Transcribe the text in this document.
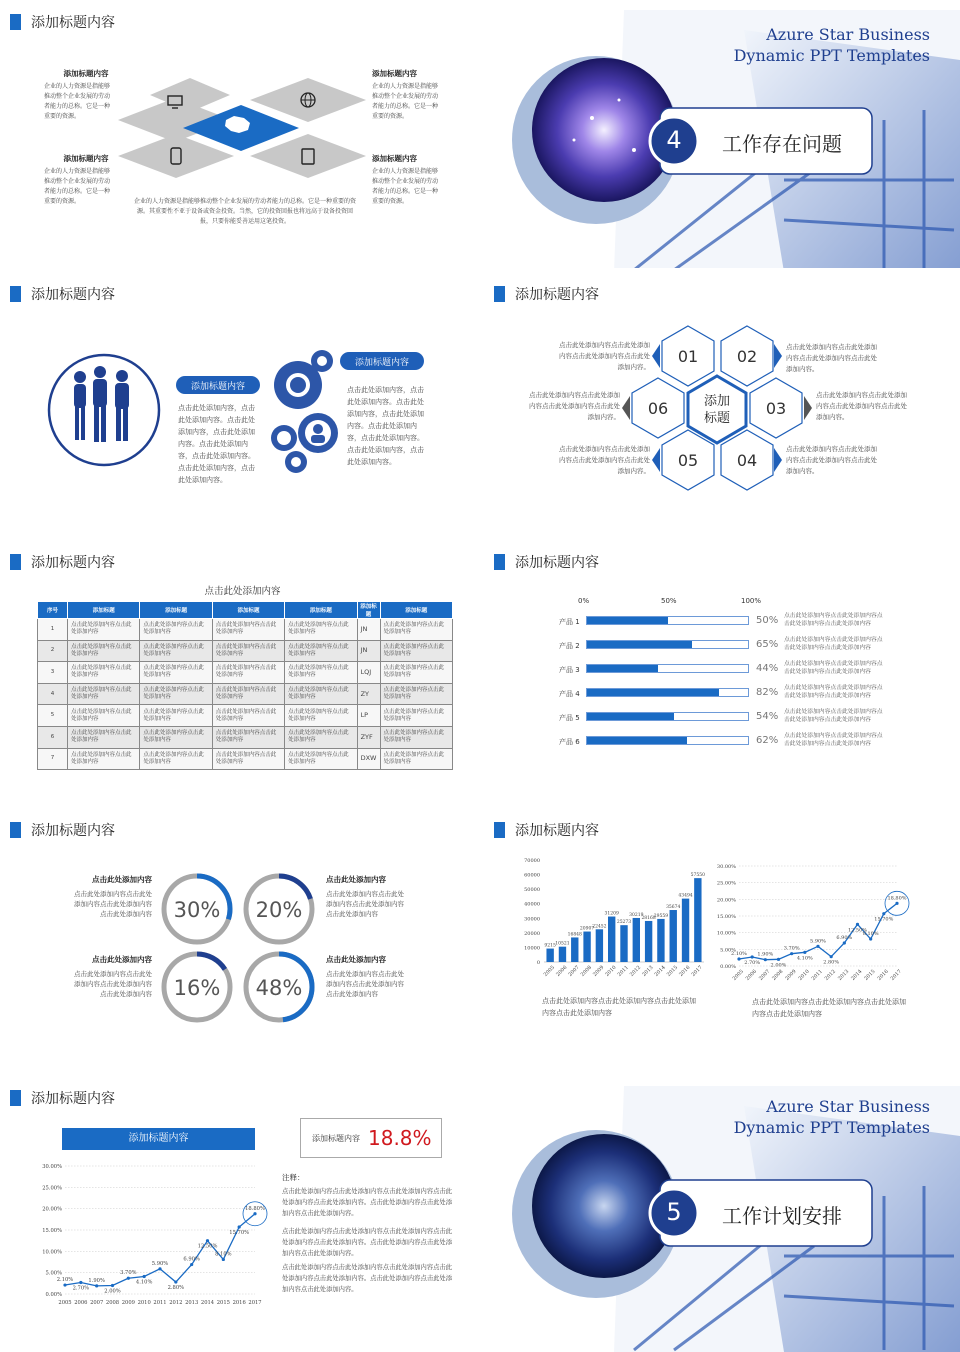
添加标题内容
添加标题内容
企业的人力资源是指能够推动整个企业发展的劳动者能力的总称。它是一种重要的资源。
添加标题内容
企业的人力资源是指能够推动整个企业发展的劳动者能力的总称。它是一种重要的资源。
添加标题内容
企业的人力资源是指能够推动整个企业发展的劳动者能力的总称。它是一种重要的资源。
添加标题内容
企业的人力资源是指能够推动整个企业发展的劳动者能力的总称。它是一种重要的资源。
企业的人力资源是指能够推动整个企业发展的劳动者能力的总称。它是一种重要的资源。其重要性不亚于设备或资金投资。当然，它的投资回报也将远高于设备投资回报，只要你能妥善运用这笔投资。
Azure Star Business
Dynamic PPT Templates
4	工作存在问题
添加标题内容
添加标题内容
添加标题内容
点击此处添加内容，点击此处添加内容。点击此处添加内容，点击此处添加内容。点击此处添加内容，点击此处添加内容。点击此处添加内容，点击此处添加内容。
点击此处添加内容，点击此处添加内容。点击此处添加内容，点击此处添加内容。点击此处添加内容，点击此处添加内容。点击此处添加内容，点击此处添加内容。
添加标题内容
01 02
03
04
05
06	添加
标题
点击此处添加内容点击此处添加内容点击此处添加内容点击此处添加内容。
点击此处添加内容点击此处添加内容点击此处添加内容点击此处添加内容。
点击此处添加内容点击此处添加内容点击此处添加内容点击此处添加内容。
点击此处添加内容点击此处添加内容点击此处添加内容点击此处添加内容。
点击此处添加内容点击此处添加内容点击此处添加内容点击此处添加内容。
点击此处添加内容点击此处添加内容点击此处添加内容点击此处添加内容。
添加标题内容
点击此处添加内容
序号	添加标题	添加标题	添加标题	添加标题	添加标题	添加标题
1	点击此处添加内容点击此处添加内容	点击此处添加内容点击此处添加内容	点击此处添加内容点击此处添加内容	点击此处添加内容点击此处添加内容	JN	点击此处添加内容点击此处添加内容
2	点击此处添加内容点击此处添加内容	点击此处添加内容点击此处添加内容	点击此处添加内容点击此处添加内容	点击此处添加内容点击此处添加内容	JN	点击此处添加内容点击此处添加内容
3	点击此处添加内容点击此处添加内容	点击此处添加内容点击此处添加内容	点击此处添加内容点击此处添加内容	点击此处添加内容点击此处添加内容	LQJ	点击此处添加内容点击此处添加内容
4	点击此处添加内容点击此处添加内容	点击此处添加内容点击此处添加内容	点击此处添加内容点击此处添加内容	点击此处添加内容点击此处添加内容	ZY	点击此处添加内容点击此处添加内容
5	点击此处添加内容点击此处添加内容	点击此处添加内容点击此处添加内容	点击此处添加内容点击此处添加内容	点击此处添加内容点击此处添加内容	LP	点击此处添加内容点击此处添加内容
6	点击此处添加内容点击此处添加内容	点击此处添加内容点击此处添加内容	点击此处添加内容点击此处添加内容	点击此处添加内容点击此处添加内容	ZYF	点击此处添加内容点击此处添加内容
7	点击此处添加内容点击此处添加内容	点击此处添加内容点击此处添加内容	点击此处添加内容点击此处添加内容	点击此处添加内容点击此处添加内容	DXW	点击此处添加内容点击此处添加内容
添加标题内容
0%	50%	100%
产品 1	50% 点击此处添加内容点击此处添加内容点击此处添加内容点击此处添加内容
产品 2	65% 点击此处添加内容点击此处添加内容点击此处添加内容点击此处添加内容
产品 3	44% 点击此处添加内容点击此处添加内容点击此处添加内容点击此处添加内容
产品 4	82% 点击此处添加内容点击此处添加内容点击此处添加内容点击此处添加内容
产品 5	54% 点击此处添加内容点击此处添加内容点击此处添加内容点击此处添加内容
产品 6	62% 点击此处添加内容点击此处添加内容点击此处添加内容点击此处添加内容
添加标题内容
30% 20%
16% 48%
点击此处添加内容
点击此处添加内容点击此处添加内容点击此处添加内容点击此处添加内容
点击此处添加内容
点击此处添加内容点击此处添加内容点击此处添加内容点击此处添加内容
点击此处添加内容
点击此处添加内容点击此处添加内容点击此处添加内容点击此处添加内容
点击此处添加内容
点击此处添加内容点击此处添加内容点击此处添加内容点击此处添加内容
添加标题内容
0
10000
20000
30000
40000
50000
60000
70000
9215
2005
10521
2006
16848
2007
20907
2008
22452
2009
31209
2010
25273
2011
30219
2012
28168
2013
29559
2014
35674
2015
43494
2016
57550
2017	0.00%
5.00%
10.00%
15.00%
20.00%
25.00%
30.00%
2.10%
2005
2.70%
2006
1.90%
2007
2.00%
2008
3.70%
2009
4.10%
2010
5.90%
2011
2.80%
2012
6.90%
2013
12.50%
2014
8.10%
2015
15.70%
2016
18.80%
2017
点击此处添加内容点击此处添加内容点击此处添加内容点击此处添加内容
点击此处添加内容点击此处添加内容点击此处添加内容点击此处添加内容
添加标题内容
添加标题内容
0.00%
5.00%
10.00%
15.00%
20.00%
25.00%
30.00%
2.10%
2005
2.70%
2006
1.90%
2007
2.00%
2008
3.70%
2009
4.10%
2010
5.90%
2011
2.80%
2012
6.90%
2013
12.50%
2014
8.10%
2015
15.70%
2016
18.80%
2017
添加标题内容 18.8%
注释：
点击此处添加内容点击此处添加内容点击此处添加内容点击此处添加内容点击此处添加内容。点击此处添加内容点击此处添加内容点击此处添加内容。
点击此处添加内容点击此处添加内容点击此处添加内容点击此处添加内容点击此处添加内容。点击此处添加内容点击此处添加内容点击此处添加内容。
点击此处添加内容点击此处添加内容点击此处添加内容点击此处添加内容点击此处添加内容。点击此处添加内容点击此处添加内容点击此处添加内容。
Azure Star Business
Dynamic PPT Templates
5	工作计划安排
